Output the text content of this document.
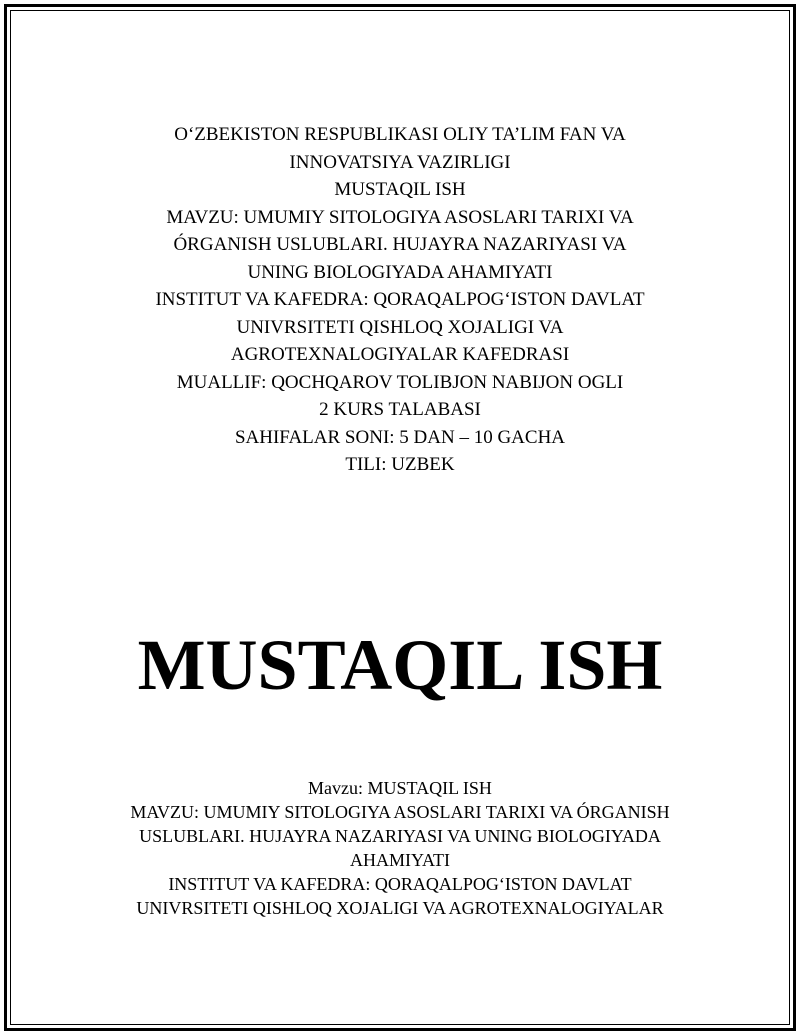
O‘ZBEKISTON RESPUBLIKASI OLIY TA’LIM FAN VA
INNOVATSIYA VAZIRLIGI
MUSTAQIL ISH
MAVZU: UMUMIY SITOLOGIYA ASOSLARI TARIXI VA
ÓRGANISH USLUBLARI. HUJAYRA NAZARIYASI VA
UNING BIOLOGIYADA AHAMIYATI
INSTITUT VA KAFEDRA: QORAQALPOG‘ISTON DAVLAT
UNIVRSITETI QISHLOQ XOJALIGI VA
AGROTEXNALOGIYALAR KAFEDRASI
MUALLIF: QOCHQAROV TOLIBJON NABIJON OGLI
2 KURS TALABASI
SAHIFALAR SONI: 5 DAN – 10 GACHA
TILI: UZBEK
MUSTAQIL ISH
Mavzu: MUSTAQIL ISH
MAVZU: UMUMIY SITOLOGIYA ASOSLARI TARIXI VA ÓRGANISH
USLUBLARI. HUJAYRA NAZARIYASI VA UNING BIOLOGIYADA
AHAMIYATI
INSTITUT VA KAFEDRA: QORAQALPOG‘ISTON DAVLAT
UNIVRSITETI QISHLOQ XOJALIGI VA AGROTEXNALOGIYALAR
